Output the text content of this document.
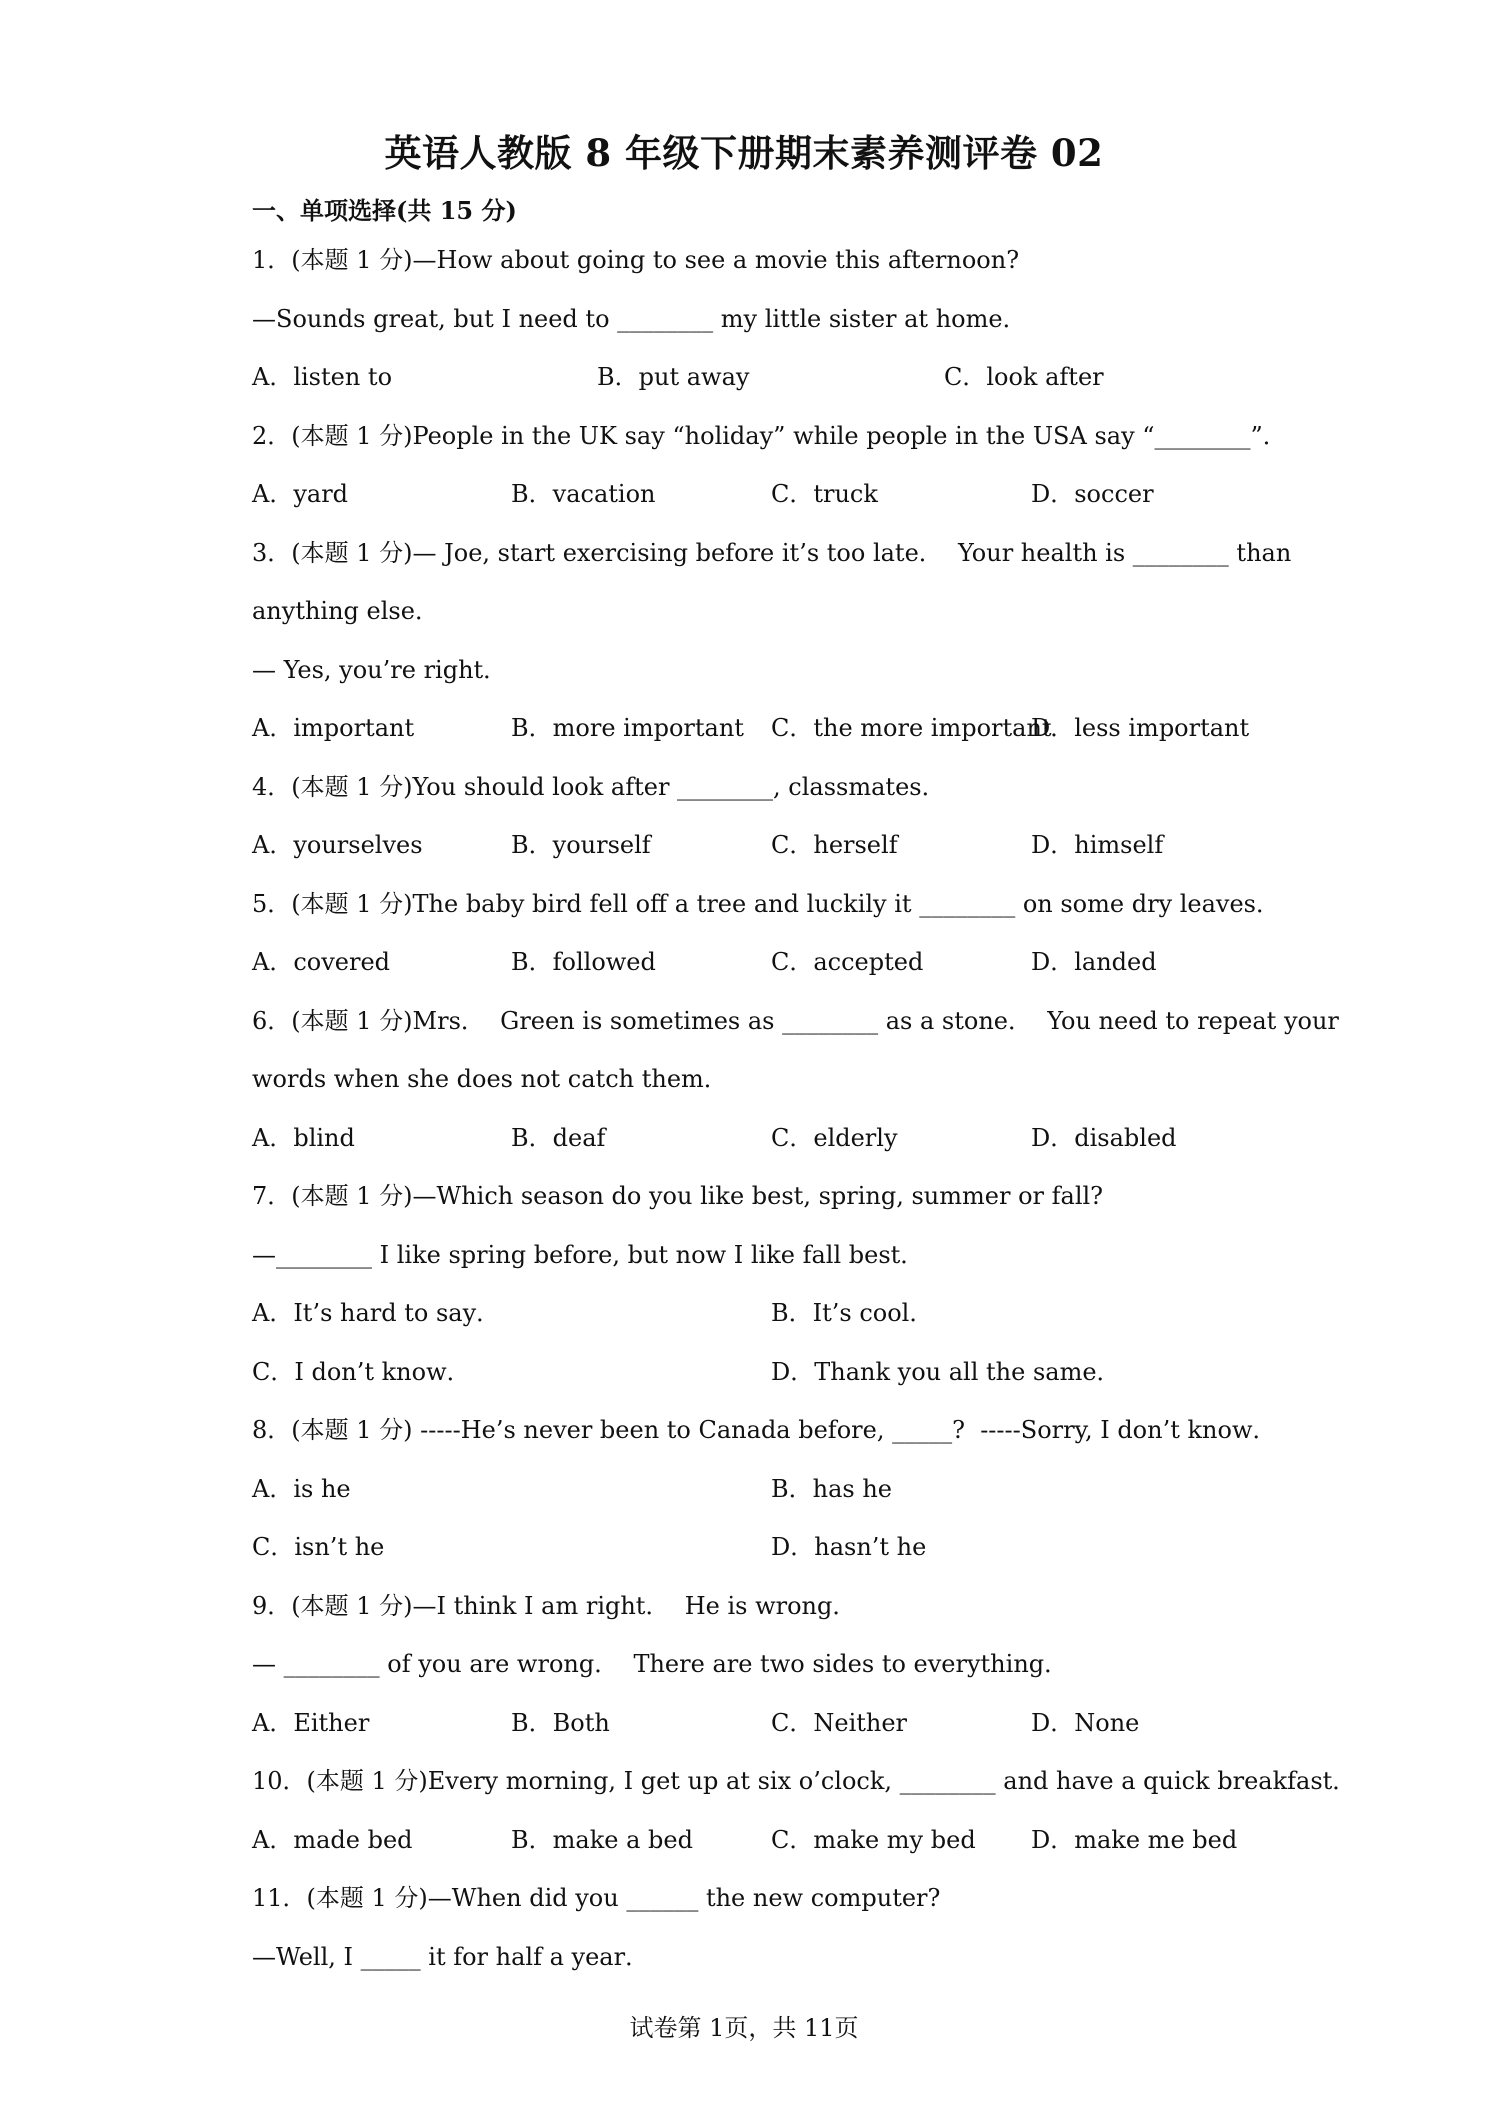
英语人教版 8 年级下册期末素养测评卷 02
一、单项选择(共 15 分)
1．(本题 1 分)—How about going to see a movie this afternoon?
—Sounds great, but I need to ________ my little sister at home．
A．listen to	B．put away	C．look after
2．(本题 1 分)People in the UK say “holiday” while people in the USA say “________”．
A．yard	B．vacation	C．truck	D．soccer
3．(本题 1 分)— Joe, start exercising before it’s too late．  Your health is ________ than
anything else．
— Yes, you’re right．
A．important	B．more important C．the more important
D．less important
4．(本题 1 分)You should look after ________, classmates．
A．yourselves	B．yourself	C．herself	D．himself
5．(本题 1 分)The baby bird fell off a tree and luckily it ________ on some dry leaves．
A．covered	B．followed	C．accepted	D．landed
6．(本题 1 分)Mrs．  Green is sometimes as ________ as a stone．  You need to repeat your
words when she does not catch them．
A．blind	B．deaf	C．elderly	D．disabled
7．(本题 1 分)—Which season do you like best, spring, summer or fall?
—________ I like spring before, but now I like fall best．
A．It’s hard to say．	B．It’s cool．
C．I don’t know．	D．Thank you all the same．
8．(本题 1 分) -----He’s never been to Canada before, _____?  -----Sorry, I don’t know．
A．is he	B．has he
C．isn’t he	D．hasn’t he
9．(本题 1 分)—I think I am right．  He is wrong．
— ________ of you are wrong．  There are two sides to everything．
A．Either	B．Both	C．Neither	D．None
10．(本题 1 分)Every morning, I get up at six o’clock, ________ and have a quick breakfast．
A．made bed	B．make a bed	C．make my bed D．make me bed
11．(本题 1 分)—When did you ______ the new computer?
—Well, I _____ it for half a year．
试卷第 1页，共 11页
